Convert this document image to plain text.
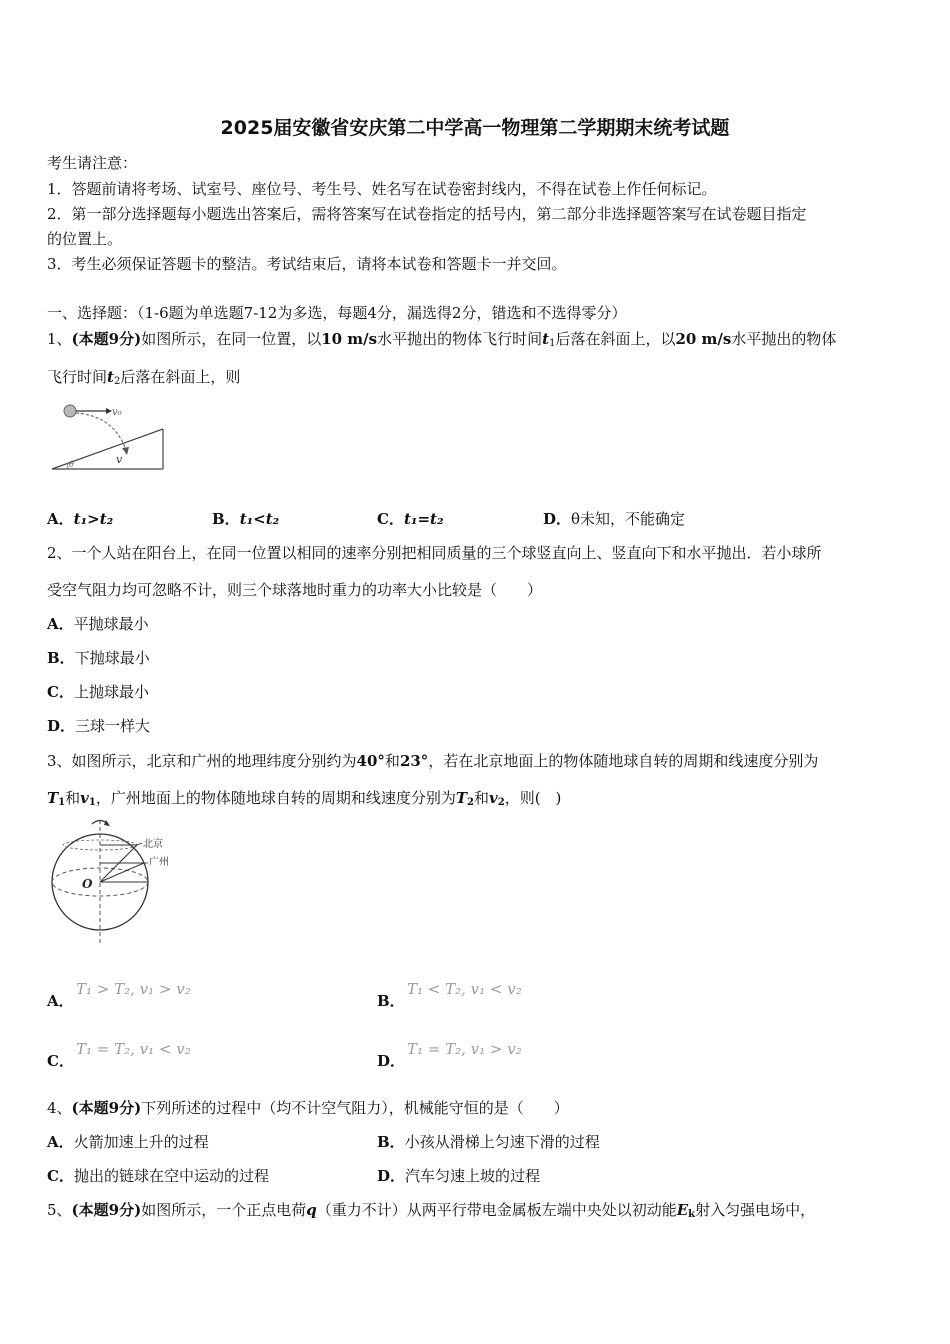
2025届安徽省安庆第二中学高一物理第二学期期末统考试题
考生请注意：
1．答题前请将考场、试室号、座位号、考生号、姓名写在试卷密封线内，不得在试卷上作任何标记。
2．第一部分选择题每小题选出答案后，需将答案写在试卷指定的括号内，第二部分非选择题答案写在试卷题目指定
的位置上。
3．考生必须保证答题卡的整洁。考试结束后，请将本试卷和答题卡一并交回。
一、选择题：（1-6题为单选题7-12为多选，每题4分，漏选得2分，错选和不选得零分）
1、(本题9分)如图所示，在同一位置，以10 m/s水平抛出的物体飞行时间$t_1$后落在斜面上，以20 m/s水平抛出的物体
飞行时间$t_2$后落在斜面上，则
v₀
v
θ
A．t₁>t₂	B．t₁<t₂	C．t₁=t₂	D．θ未知，不能确定
2、一个人站在阳台上，在同一位置以相同的速率分别把相同质量的三个球竖直向上、竖直向下和水平抛出．若小球所
受空气阻力均可忽略不计，则三个球落地时重力的功率大小比较是（　　）
A．平抛球最小
B．下抛球最小
C．上抛球最小
D．三球一样大
3、如图所示，北京和广州的地理纬度分别约为40°和23°，若在北京地面上的物体随地球自转的周期和线速度分别为
$T_1$和$v_1$，广州地面上的物体随地球自转的周期和线速度分别为$T_2$和$v_2$，则(　)
北京
广州
O
A．
T₁ > T₂, v₁ > v₂
B．
T₁ < T₂, v₁ < v₂
C．
T₁ = T₂, v₁ < v₂
D．
T₁ = T₂, v₁ > v₂
4、(本题9分)下列所述的过程中（均不计空气阻力），机械能守恒的是（　　）
A．火箭加速上升的过程	B．小孩从滑梯上匀速下滑的过程
C．抛出的链球在空中运动的过程	D．汽车匀速上坡的过程
5、(本题9分)如图所示，一个正点电荷q（重力不计）从两平行带电金属板左端中央处以初动能$E_k$射入匀强电场中，
